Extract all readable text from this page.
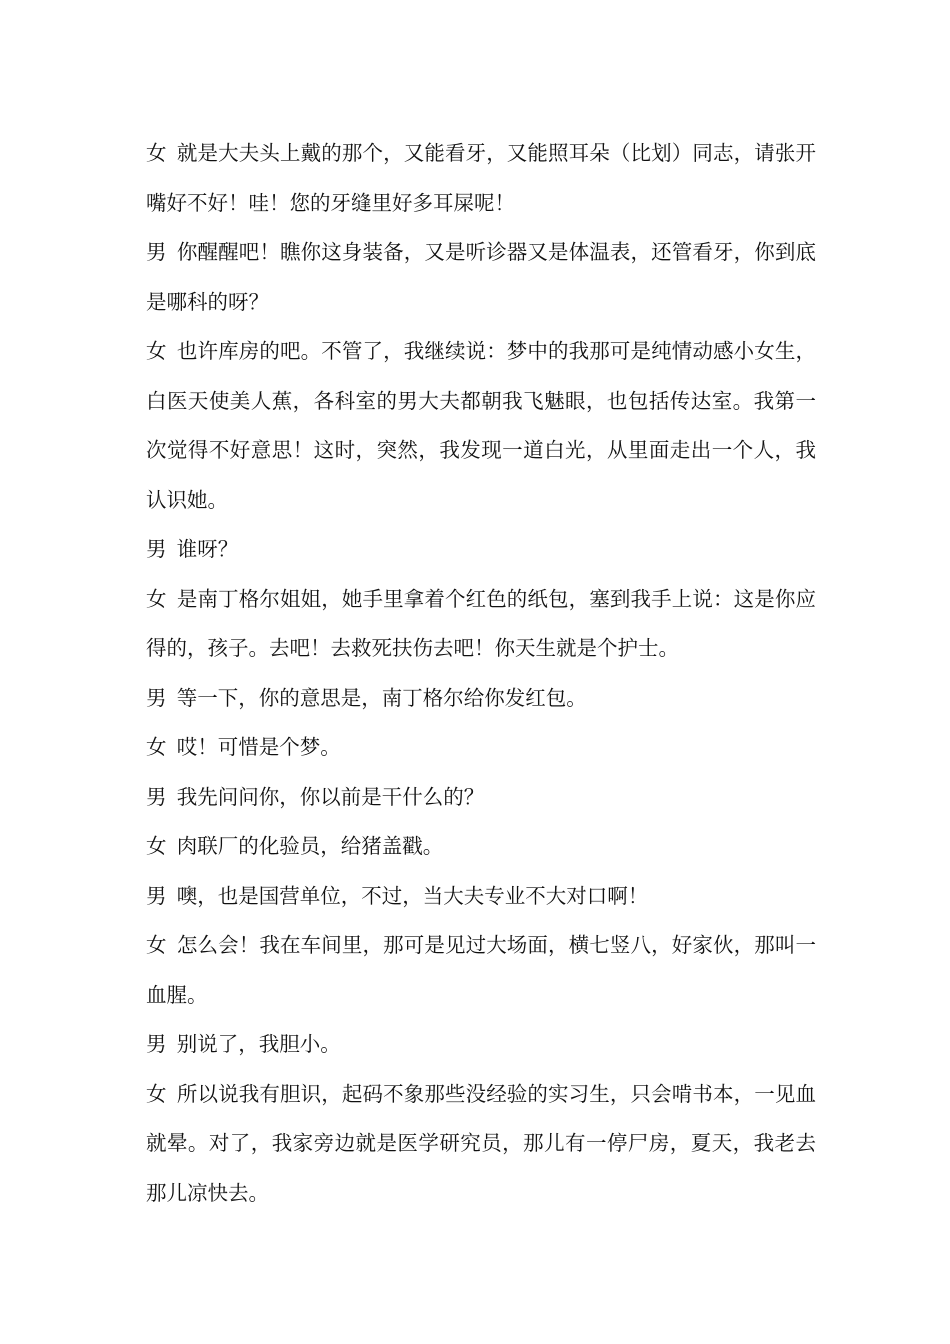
女 就是大夫头上戴的那个，又能看牙，又能照耳朵（比划）同志，请张开嘴好不好！哇！您的牙缝里好多耳屎呢！

男 你醒醒吧！瞧你这身装备，又是听诊器又是体温表，还管看牙，你到底是哪科的呀？

女 也许库房的吧。不管了，我继续说：梦中的我那可是纯情动感小女生，白医天使美人蕉，各科室的男大夫都朝我飞魅眼，也包括传达室。我第一次觉得不好意思！这时，突然，我发现一道白光，从里面走出一个人，我认识她。

男 谁呀？

女 是南丁格尔姐姐，她手里拿着个红色的纸包，塞到我手上说：这是你应得的，孩子。去吧！去救死扶伤去吧！你天生就是个护士。

男 等一下，你的意思是，南丁格尔给你发红包。

女 哎！可惜是个梦。

男 我先问问你，你以前是干什么的？

女 肉联厂的化验员，给猪盖戳。

男 噢，也是国营单位，不过，当大夫专业不大对口啊！

女 怎么会！我在车间里，那可是见过大场面，横七竖八，好家伙，那叫一血腥。

男 别说了，我胆小。

女 所以说我有胆识，起码不象那些没经验的实习生，只会啃书本，一见血就晕。对了，我家旁边就是医学研究员，那儿有一停尸房，夏天，我老去那儿凉快去。
